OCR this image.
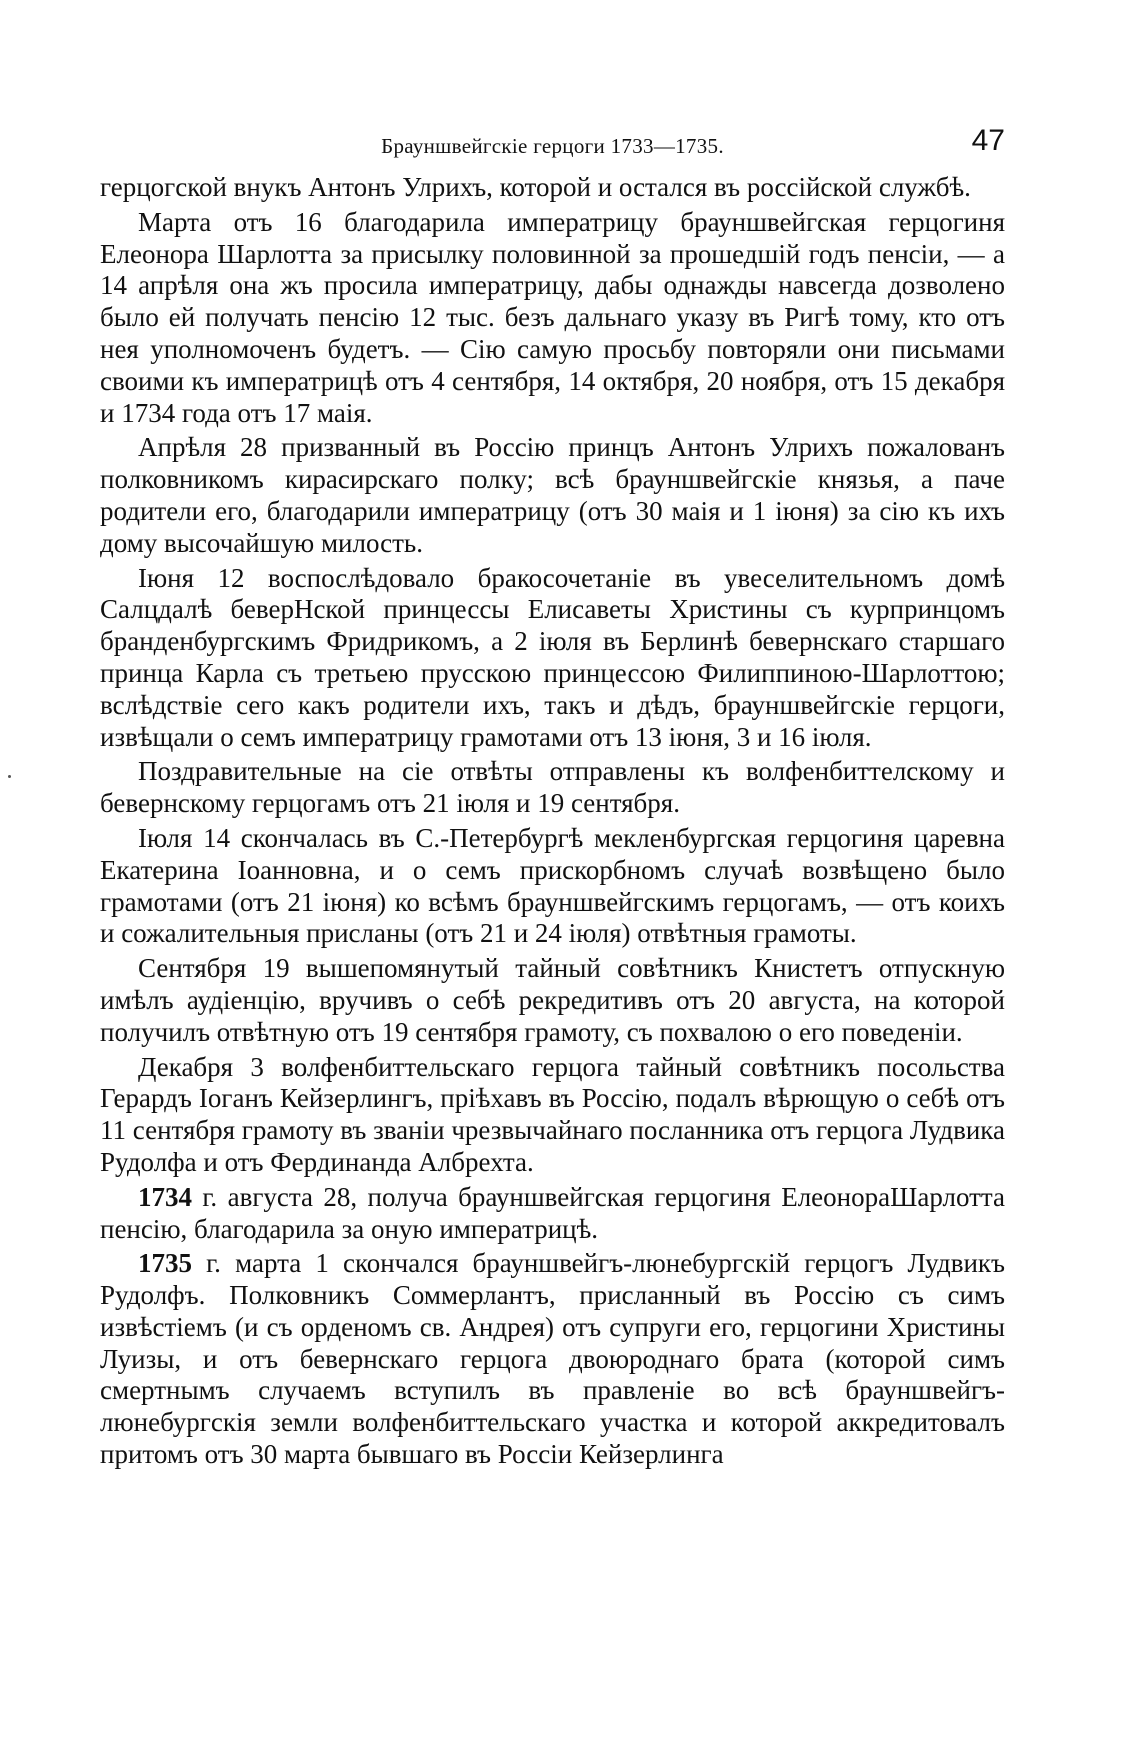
Брауншвейгскіе герцоги 1733—1735.	47

герцогской внукъ Антонъ Улрихъ, которой и остался въ россійской службѣ.

Марта отъ 16 благодарила императрицу брауншвейгская герцогиня Елеонора Шарлотта за присылку половинной за прошедшій годъ пенсіи, — а 14 апрѣля она жъ просила императрицу, дабы однажды навсегда дозволено было ей получать пенсію 12 тыс. безъ дальнаго указу въ Ригѣ тому, кто отъ нея уполномоченъ будетъ. — Сію самую просьбу повторяли они письмами своими къ императрицѣ отъ 4 сентября, 14 октября, 20 ноября, отъ 15 декабря и 1734 года отъ 17 маія.

Апрѣля 28 призванный въ Россію принцъ Антонъ Улрихъ пожалованъ полковникомъ кирасирскаго полку; всѣ брауншвейгскіе князья, а паче родители его, благодарили императрицу (отъ 30 маія и 1 іюня) за сію къ ихъ дому высочайшую милость.

Іюня 12 воспослѣдовало бракосочетаніе въ увеселительномъ домѣ Салцдалѣ беверНской принцессы Елисаветы Христины съ курпринцомъ бранденбургскимъ Фридрикомъ, а 2 іюля въ Берлинѣ бевернскаго старшаго принца Карла съ третьею прусскою принцессою Филиппиною-Шарлоттою; вслѣдствіе сего какъ родители ихъ, такъ и дѣдъ, брауншвейгскіе герцоги, извѣщали о семъ императрицу грамотами отъ 13 іюня, 3 и 16 іюля.

Поздравительные на сіе отвѣты отправлены къ волфенбиттелскому и бевернскому герцогамъ отъ 21 іюля и 19 сентября.

Іюля 14 скончалась въ С.-Петербургѣ мекленбургская герцогиня царевна Екатерина Іоанновна, и о семъ прискорбномъ случаѣ возвѣщено было грамотами (отъ 21 іюня) ко всѣмъ брауншвейгскимъ герцогамъ, — отъ коихъ и сожалительныя присланы (отъ 21 и 24 іюля) отвѣтныя грамоты.

Сентября 19 вышепомянутый тайный совѣтникъ Книстетъ отпускную имѣлъ аудіенцію, вручивъ о себѣ рекредитивъ отъ 20 августа, на которой получилъ отвѣтную отъ 19 сентября грамоту, съ похвалою о его поведеніи.

Декабря 3 волфенбиттельскаго герцога тайный совѣтникъ посольства Герардъ Іоганъ Кейзерлингъ, пріѣхавъ въ Россію, подалъ вѣрющую о себѣ отъ 11 сентября грамоту въ званіи чрезвычайнаго посланника отъ герцога Лудвика Рудолфа и отъ Фердинанда Албрехта.

1734 г. августа 28, получа брауншвейгская герцогиня ЕлеонораШарлотта пенсію, благодарила за оную императрицѣ.

1735 г. марта 1 скончался брауншвейгъ-люнебургскій герцогъ Лудвикъ Рудолфъ. Полковникъ Соммерлантъ, присланный въ Россію съ симъ извѣстіемъ (и съ орденомъ св. Андрея) отъ супруги его, герцогини Христины Луизы, и отъ бевернскаго герцога двоюроднаго брата (которой симъ смертнымъ случаемъ вступилъ въ правленіе во всѣ брауншвейгъ-люнебургскія земли волфенбиттельскаго участка и которой аккредитовалъ притомъ отъ 30 марта бывшаго въ Россіи Кейзерлинга
